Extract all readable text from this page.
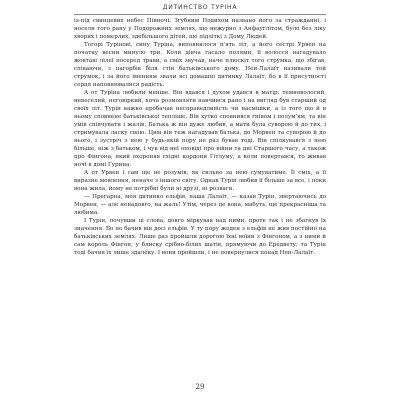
ДИТИНСТВО ТУРІНА

із-під свинцевих небес Півночі. Згубним Подихом названо його за стражданні, і носели того рану у Подорожних землях, що нежурно з Анфауґлітом, було без ліку хворих і померлих, здебільшого дітей, що підліткі з Дому Людей.

Тогорі Турінові, сину Туріна, виповнилося п'ять літ, а його сестрі Урвен на початку весни минуло три. Коли дівча гасало полями, її волосся нагадувало жовтаві лілеї посеред трави, а сміх звучав, наче плюскіт того струмка, що збігав, співаючи, з пагорбів біля стін батьківського дому. Нен-Лалаїт називали той струмок, і за його іменням звали всі домашні дитинку Лалаїт, бо в її присутності серця наповнювалися радість.

А от Туріна любили менше. Він вдався і духом удався в матір: темноволосий, невеселий, неговіркий, хоча розмовляти навчився рано і на вигляд був старший од своїх літ. Турін важко пробачав несправедливість чи насмішки, а із того що й в ньому сповнене батьківської тепліше. Він хутко сповнився гнівом і полум'ям, та він умів співчувати і жалів. Батька ж він дуже любив, а мати була суворою й до тих, і стримувала ласку свою. Цим він теж нагадував батька, до Морвен та суворою й до нього, і зустріч з нею у будь-якій пору не раз бував тоді. Він спілкувався з нею більше, ніж з батьком, і чув від неї оповіді про війни та дні Старшого часу, а також про Фінгона, який охороняв східні кордони Гітлуму, а коли повертався, то живав ночі в домі Гурина.

А от Урвен і сам ще не розумів, як сильно за нею сумуватиме. Її сміх, а її виразне мовлення, неначе з іншого світу. Однак Турін любив її більше за все, і поки вона жила, йому не потрібні були ні друзі, ні розваги.

— Прегарна, моя дитинко ельфів, наша Лалаїт, — казав Турін, звертаючись до Морвен, — але ненадовго, на жаль! Утім, через це вона, мабуть, ще прекрасніша та любима.

І Турін, почувши ці слова, довго міркував над ними, проте так і не збагнув їх значення. Бо не бачив він досі ельфів. У ту пору жоден з ельфів не жив постійно на батьківських землях. Лише раз пройшли дорогою їхні воїни з Фінгоном, а з ними й сам король Фінгон, у блиску срібно-білих шатів, прямуючи до Ередвету; та Турін тоді бачив їх лише здалеку. І вони пройшли, і не повернулися понад Нен-Лалаїт.

29
